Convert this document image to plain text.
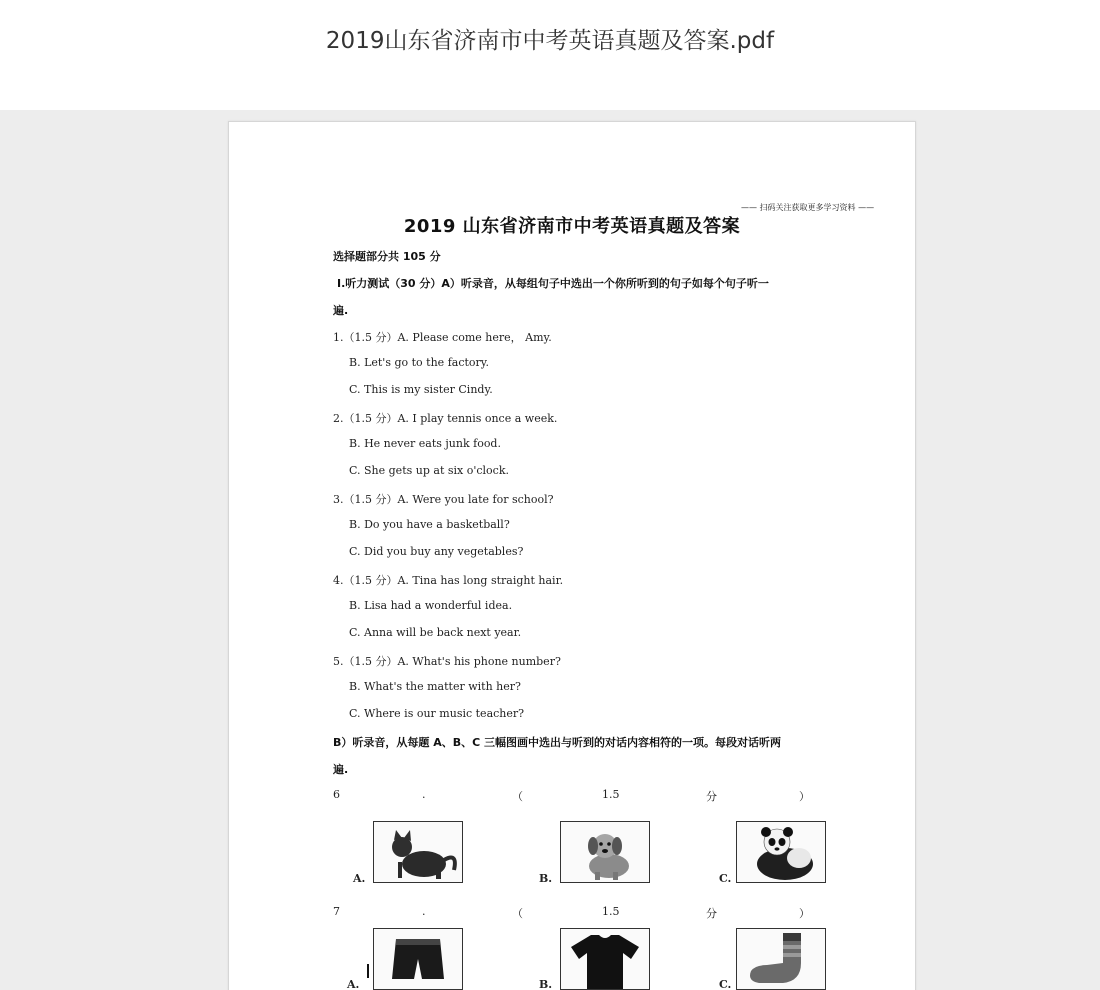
2019山东省济南市中考英语真题及答案.pdf
—— 扫码关注获取更多学习资料 ——
2019 山东省济南市中考英语真题及答案
选择题部分共 105 分
I.听力测试（30 分）A）听录音，从每组句子中选出一个你所听到的句子如每个句子听一
遍.
1.（1.5 分）A. Please come here， Amy.
B. Let's go to the factory.
C. This is my sister Cindy.
2.（1.5 分）A. I play tennis once a week.
B. He never eats junk food.
C. She gets up at six o'clock.
3.（1.5 分）A. Were you late for school?
B. Do you have a basketball?
C. Did you buy any vegetables?
4.（1.5 分）A. Tina has long straight hair.
B. Lisa had a wonderful idea.
C. Anna will be back next year.
5.（1.5 分）A. What's his phone number?
B. What's the matter with her?
C. Where is our music teacher?
B）听录音，从每题 A、B、C 三幅图画中选出与听到的对话内容相符的一项。每段对话听两
遍.
6	.	（	1.5	分	）
A.	B.	C.
7	.	（	1.5	分	）
A.	B.	C.
